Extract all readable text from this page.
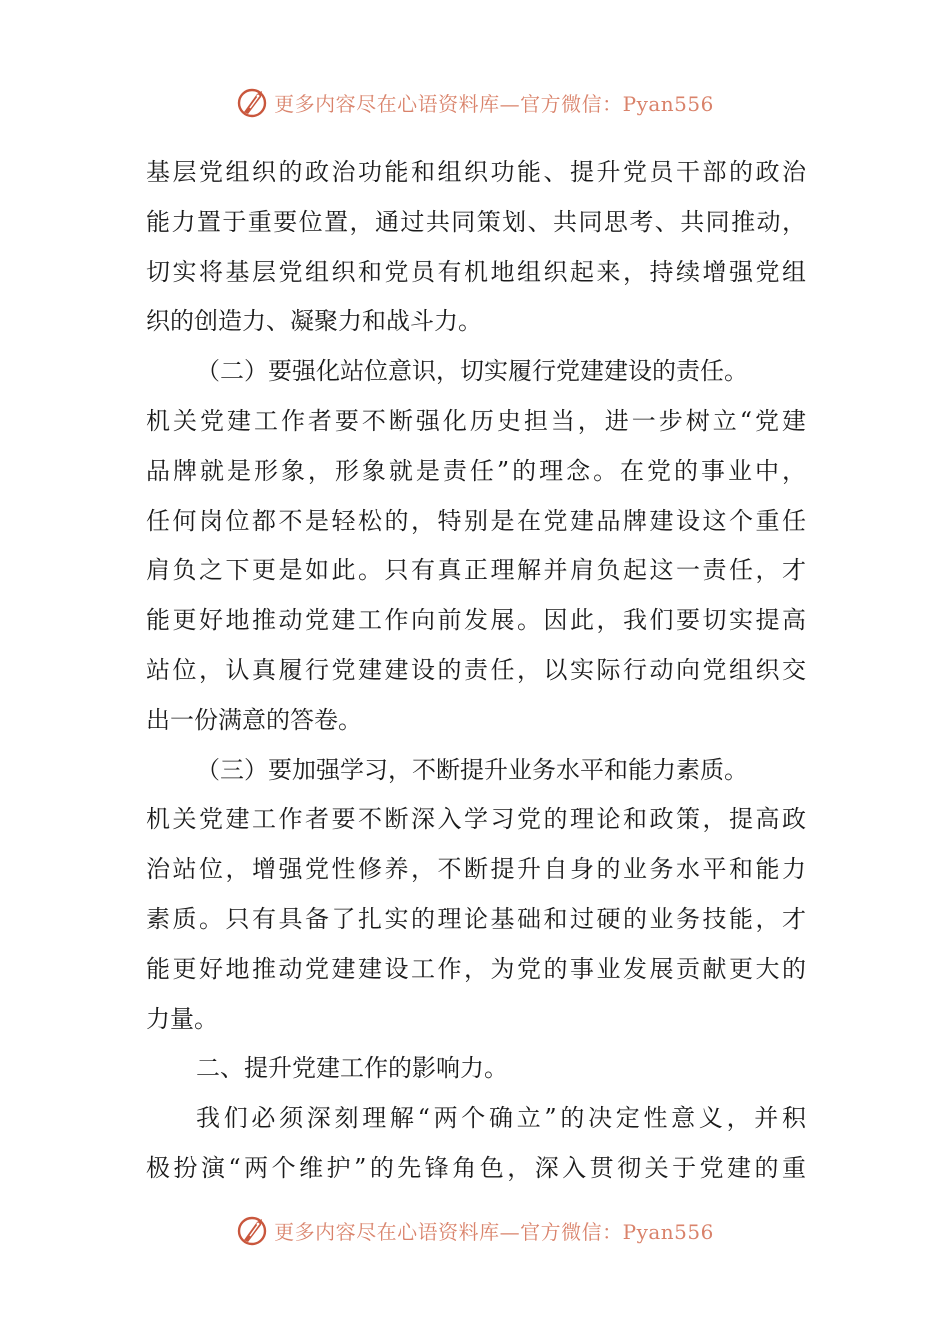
更多内容尽在心语资料库—官方微信：Pyan556
基层党组织的政治功能和组织功能、提升党员干部的政治
能力置于重要位置，通过共同策划、共同思考、共同推动，
切实将基层党组织和党员有机地组织起来，持续增强党组
织的创造力、凝聚力和战斗力。
（二）要强化站位意识，切实履行党建建设的责任。
机关党建工作者要不断强化历史担当，进一步树立“党建
品牌就是形象，形象就是责任”的理念。在党的事业中，
任何岗位都不是轻松的，特别是在党建品牌建设这个重任
肩负之下更是如此。只有真正理解并肩负起这一责任，才
能更好地推动党建工作向前发展。因此，我们要切实提高
站位，认真履行党建建设的责任，以实际行动向党组织交
出一份满意的答卷。
（三）要加强学习，不断提升业务水平和能力素质。
机关党建工作者要不断深入学习党的理论和政策，提高政
治站位，增强党性修养，不断提升自身的业务水平和能力
素质。只有具备了扎实的理论基础和过硬的业务技能，才
能更好地推动党建建设工作，为党的事业发展贡献更大的
力量。
二、提升党建工作的影响力。
我们必须深刻理解“两个确立”的决定性意义，并积
极扮演“两个维护”的先锋角色，深入贯彻关于党建的重
更多内容尽在心语资料库—官方微信：Pyan556
